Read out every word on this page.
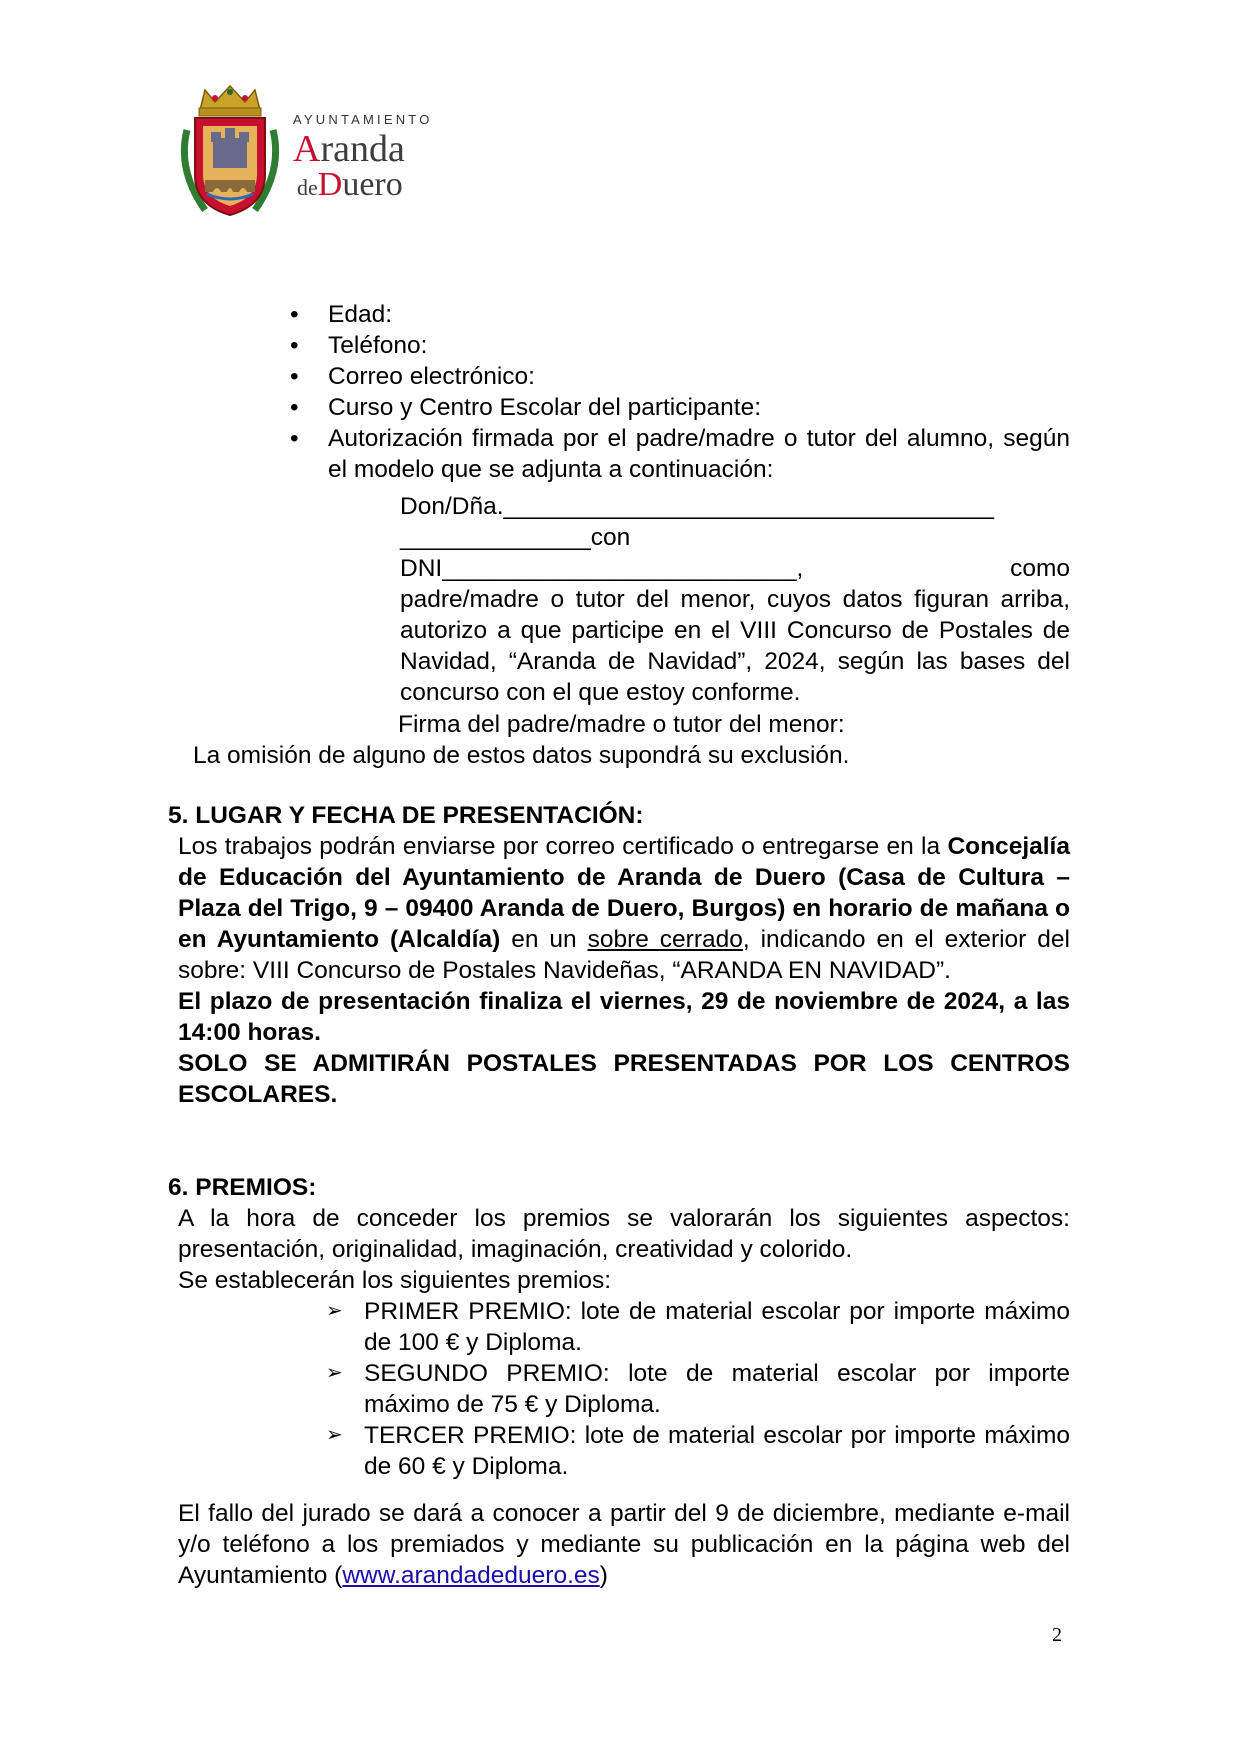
AYUNTAMIENTO
Aranda
deDuero
• Edad:
• Teléfono:
• Correo electrónico:
• Curso y Centro Escolar del participante:
• Autorización firmada por el padre/madre o tutor del alumno, según el modelo que se adjunta a continuación:

Don/Dña.____________________________________

______________con

DNI__________________________,	como

padre/madre o tutor del menor, cuyos datos figuran arriba, autorizo a que participe en el VIII Concurso de Postales de Navidad, “Aranda de Navidad”, 2024, según las bases del concurso con el que estoy conforme.

Firma del padre/madre o tutor del menor:
La omisión de alguno de estos datos supondrá su exclusión.
5. LUGAR Y FECHA DE PRESENTACIÓN:

Los trabajos podrán enviarse por correo certificado o entregarse en la Concejalía de Educación del Ayuntamiento de Aranda de Duero (Casa de Cultura – Plaza del Trigo, 9 – 09400 Aranda de Duero, Burgos) en horario de mañana o en Ayuntamiento (Alcaldía) en un sobre cerrado, indicando en el exterior del sobre: VIII Concurso de Postales Navideñas, “ARANDA EN NAVIDAD”.

El plazo de presentación finaliza el viernes, 29 de noviembre de 2024, a las 14:00 horas.

SOLO SE ADMITIRÁN POSTALES PRESENTADAS POR LOS CENTROS ESCOLARES.

6. PREMIOS:

A la hora de conceder los premios se valorarán los siguientes aspectos: presentación, originalidad, imaginación, creatividad y colorido.

Se establecerán los siguientes premios:

➢ PRIMER PREMIO: lote de material escolar por importe máximo de 100 € y Diploma.
➢ SEGUNDO PREMIO: lote de material escolar por importe máximo de 75 € y Diploma.
➢ TERCER PREMIO: lote de material escolar por importe máximo de 60 € y Diploma.
El fallo del jurado se dará a conocer a partir del 9 de diciembre, mediante e-mail y/o teléfono a los premiados y mediante su publicación en la página web del Ayuntamiento (www.arandadeduero.es)
2
